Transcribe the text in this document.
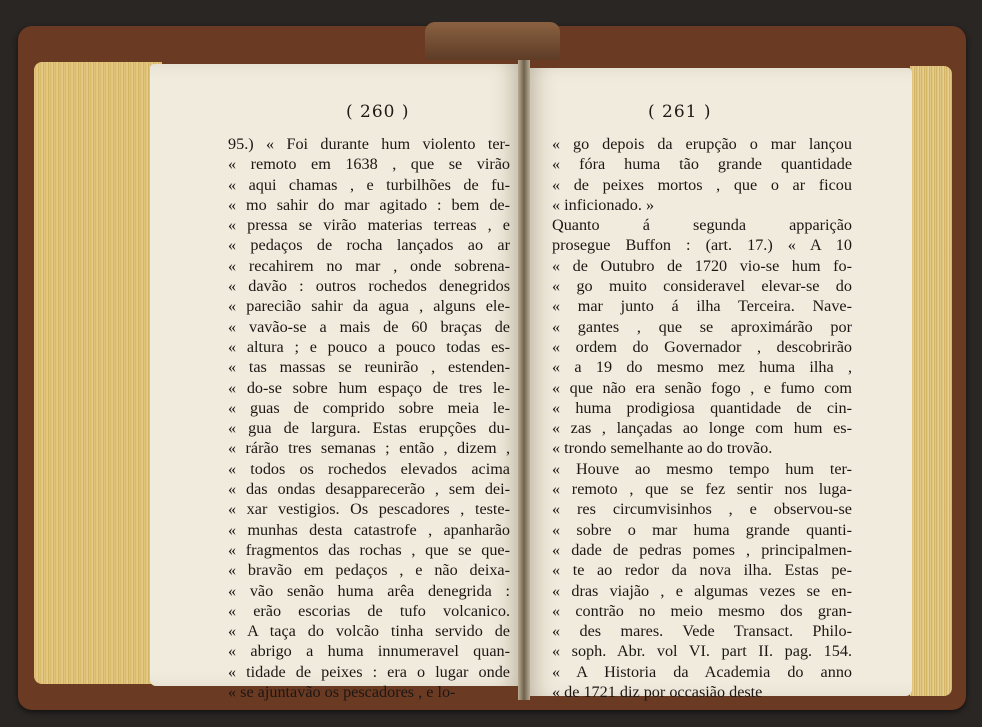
( 260 )
95.) « Foi durante hum violento ter-
« remoto em 1638 , que se virão
« aqui chamas , e turbilhões de fu-
« mo sahir do mar agitado : bem de-
« pressa se virão materias terreas , e
« pedaços de rocha lançados ao ar
« recahirem no mar , onde sobrena-
« davão : outros rochedos denegridos
« parecião sahir da agua , alguns ele-
« vavão-se a mais de 60 braças de
« altura ; e pouco a pouco todas es-
« tas massas se reunirão , estenden-
« do-se sobre hum espaço de tres le-
« guas de comprido sobre meia le-
« gua de largura. Estas erupções du-
« rárão tres semanas ; então , dizem ,
« todos os rochedos elevados acima
« das ondas desapparecerão , sem dei-
« xar vestigios. Os pescadores , teste-
« munhas desta catastrofe , apanharão
« fragmentos das rochas , que se que-
« bravão em pedaços , e não deixa-
« vão senão huma arêa denegrida :
« erão escorias de tufo volcanico.
« A taça do volcão tinha servido de
« abrigo a huma innumeravel quan-
« tidade de peixes : era o lugar onde
« se ajuntavão os pescadores , e lo-
( 261 )
« go depois da erupção o mar lançou
« fóra huma tão grande quantidade
« de peixes mortos , que o ar ficou
« inficionado. »
Quanto á segunda apparição
prosegue Buffon : (art. 17.) « A 10
« de Outubro de 1720 vio-se hum fo-
« go muito consideravel elevar-se do
« mar junto á ilha Terceira. Nave-
« gantes , que se aproximárão por
« ordem do Governador , descobrirão
« a 19 do mesmo mez huma ilha ,
« que não era senão fogo , e fumo com
« huma prodigiosa quantidade de cin-
« zas , lançadas ao longe com hum es-
« trondo semelhante ao do trovão.
« Houve ao mesmo tempo hum ter-
« remoto , que se fez sentir nos luga-
« res circumvisinhos , e observou-se
« sobre o mar huma grande quanti-
« dade de pedras pomes , principalmen-
« te ao redor da nova ilha. Estas pe-
« dras viajão , e algumas vezes se en-
« contrão no meio mesmo dos gran-
« des mares. Vede Transact. Philo-
« soph. Abr. vol VI. part II. pag. 154.
« A Historia da Academia do anno
« de 1721 diz por occasião deste
